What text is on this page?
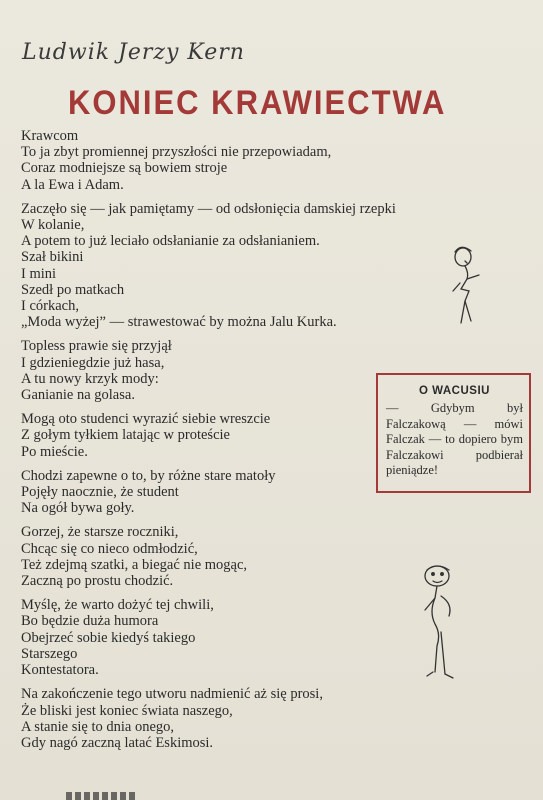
Ludwik Jerzy Kern
KONIEC KRAWIECTWA
Krawcom
To ja zbyt promiennej przyszłości nie przepowiadam,
Coraz modniejsze są bowiem stroje
A la Ewa i Adam.
Zaczęło się — jak pamiętamy — od odsłonięcia damskiej rzepki
W kolanie,
A potem to już leciało odsłanianie za odsłanianiem.
Szał bikini
I mini
Szedł po matkach
I córkach,
„Moda wyżej” — strawestować by można Jalu Kurka.
Topless prawie się przyjął
I gdzieniegdzie już hasa,
A tu nowy krzyk mody:
Ganianie na golasa.
Mogą oto studenci wyrazić siebie wreszcie
Z gołym tyłkiem latając w proteście
Po mieście.
Chodzi zapewne o to, by różne stare matoły
Pojęły naocznie, że student
Na ogół bywa goły.
Gorzej, że starsze roczniki,
Chcąc się co nieco odmłodzić,
Też zdejmą szatki, a biegać nie mogąc,
Zaczną po prostu chodzić.
Myślę, że warto dożyć tej chwili,
Bo będzie duża humora
Obejrzeć sobie kiedyś takiego
Starszego
Kontestatora.
Na zakończenie tego utworu nadmienić aż się prosi,
Że bliski jest koniec świata naszego,
A stanie się to dnia onego,
Gdy nagó zaczną latać Eskimosi.
O WACUSIU
— Gdybym był Falczakową — mówi Falczak — to dopiero bym Falczakowi podbierał pieniądze!
